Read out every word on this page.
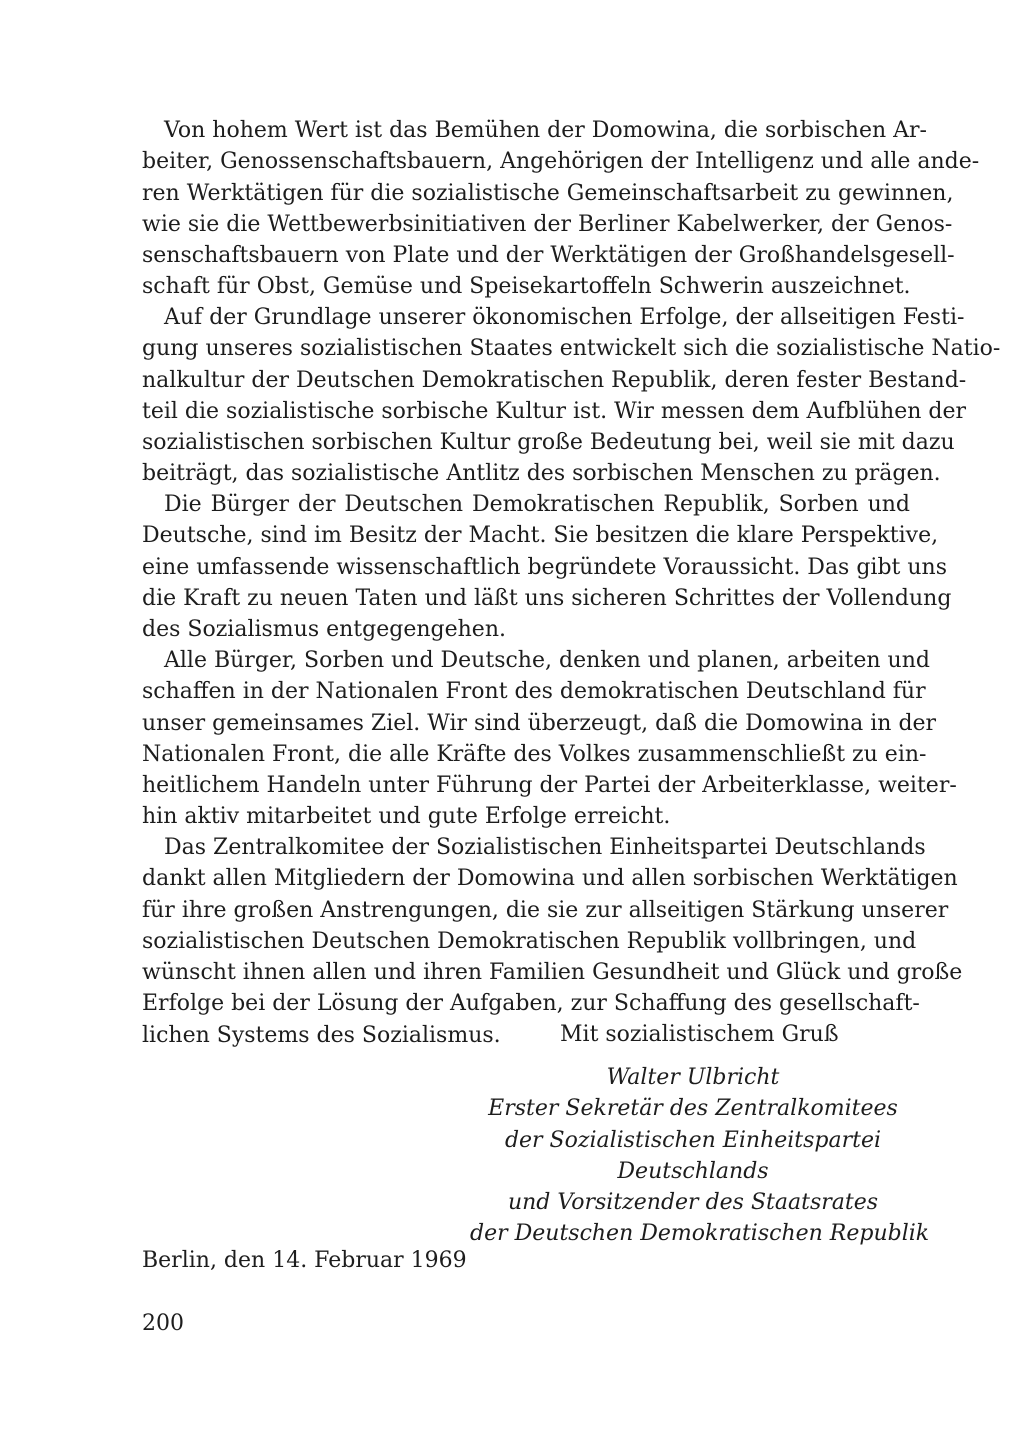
Von hohem Wert ist das Bemühen der Domowina, die sorbischen Ar-
beiter, Genossenschaftsbauern, Angehörigen der Intelligenz und alle ande-
ren Werktätigen für die sozialistische Gemeinschaftsarbeit zu gewinnen,
wie sie die Wettbewerbsinitiativen der Berliner Kabelwerker, der Genos-
senschaftsbauern von Plate und der Werktätigen der Großhandelsgesell-
schaft für Obst, Gemüse und Speisekartoffeln Schwerin auszeichnet.

Auf der Grundlage unserer ökonomischen Erfolge, der allseitigen Festi-
gung unseres sozialistischen Staates entwickelt sich die sozialistische Natio-
nalkultur der Deutschen Demokratischen Republik, deren fester Bestand-
teil die sozialistische sorbische Kultur ist. Wir messen dem Aufblühen der
sozialistischen sorbischen Kultur große Bedeutung bei, weil sie mit dazu
beiträgt, das sozialistische Antlitz des sorbischen Menschen zu prägen.

Die Bürger der Deutschen Demokratischen Republik, Sorben und
Deutsche, sind im Besitz der Macht. Sie besitzen die klare Perspektive,
eine umfassende wissenschaftlich begründete Voraussicht. Das gibt uns
die Kraft zu neuen Taten und läßt uns sicheren Schrittes der Vollendung
des Sozialismus entgegengehen.

Alle Bürger, Sorben und Deutsche, denken und planen, arbeiten und
schaffen in der Nationalen Front des demokratischen Deutschland für
unser gemeinsames Ziel. Wir sind überzeugt, daß die Domowina in der
Nationalen Front, die alle Kräfte des Volkes zusammenschließt zu ein-
heitlichem Handeln unter Führung der Partei der Arbeiterklasse, weiter-
hin aktiv mitarbeitet und gute Erfolge erreicht.

Das Zentralkomitee der Sozialistischen Einheitspartei Deutschlands
dankt allen Mitgliedern der Domowina und allen sorbischen Werktätigen
für ihre großen Anstrengungen, die sie zur allseitigen Stärkung unserer
sozialistischen Deutschen Demokratischen Republik vollbringen, und
wünscht ihnen allen und ihren Familien Gesundheit und Glück und große
Erfolge bei der Lösung der Aufgaben, zur Schaffung des gesellschaft-
lichen Systems des Sozialismus.	Mit sozialistischem Gruß
Walter Ulbricht
Erster Sekretär des Zentralkomitees
der Sozialistischen Einheitspartei
Deutschlands
und Vorsitzender des Staatsrates
der Deutschen Demokratischen Republik
Berlin, den 14. Februar 1969
200
